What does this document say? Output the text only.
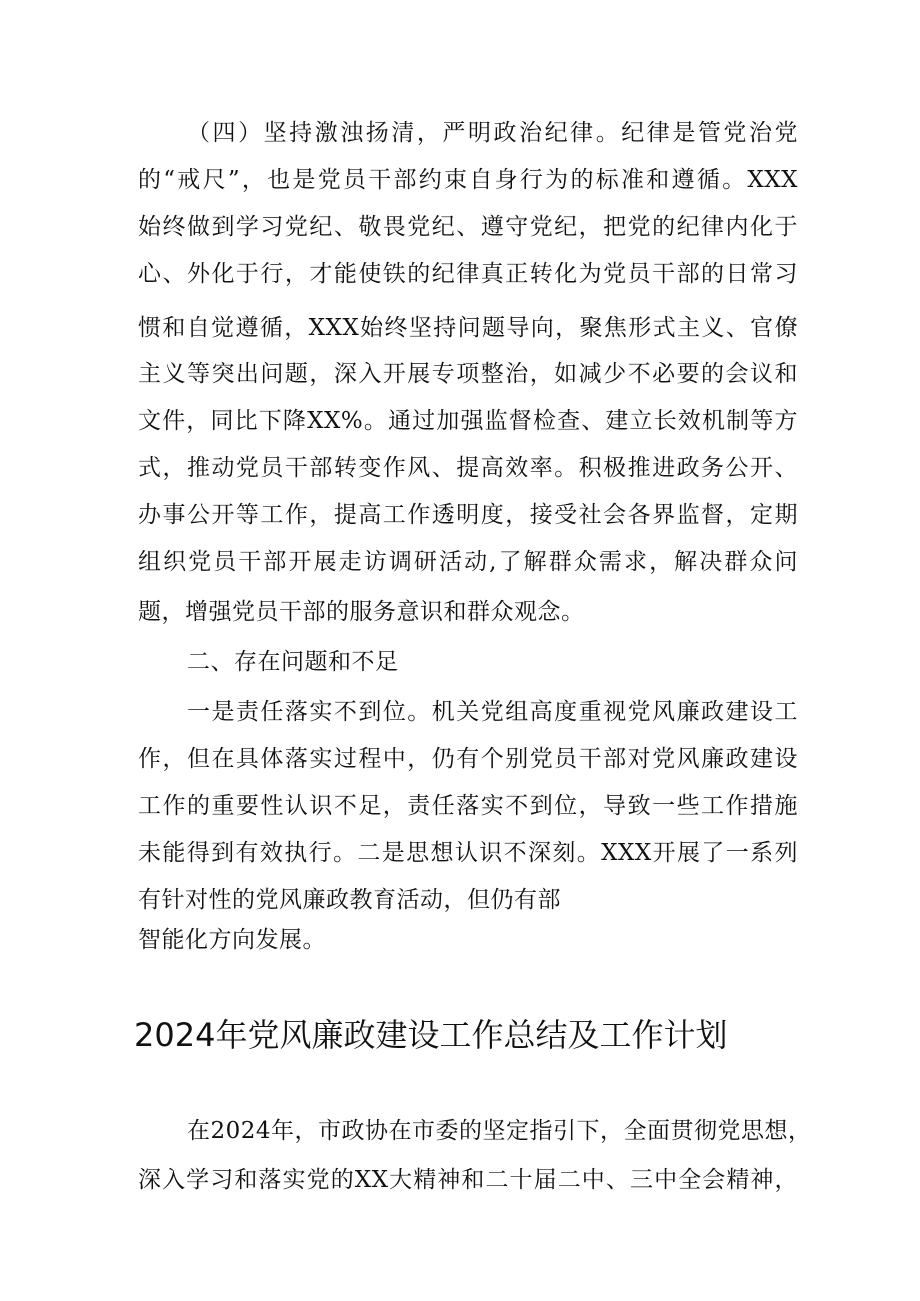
（四）坚持激浊扬清，严明政治纪律。纪律是管党治党
的“戒尺”，也是党员干部约束自身行为的标准和遵循。XXX
始终做到学习党纪、敬畏党纪、遵守党纪，把党的纪律内化于
心、外化于行，才能使铁的纪律真正转化为党员干部的日常习
惯和自觉遵循，XXX始终坚持问题导向，聚焦形式主义、官僚
主义等突出问题，深入开展专项整治，如减少不必要的会议和
文件，同比下降XX%。通过加强监督检查、建立长效机制等方
式，推动党员干部转变作风、提高效率。积极推进政务公开、
办事公开等工作，提高工作透明度，接受社会各界监督，定期
组织党员干部开展走访调研活动,了解群众需求，解决群众问
题，增强党员干部的服务意识和群众观念。
二、存在问题和不足
一是责任落实不到位。机关党组高度重视党风廉政建设工
作，但在具体落实过程中，仍有个别党员干部对党风廉政建设
工作的重要性认识不足，责任落实不到位，导致一些工作措施
未能得到有效执行。二是思想认识不深刻。XXX开展了一系列
有针对性的党风廉政教育活动，但仍有部
智能化方向发展。
2024年党风廉政建设工作总结及工作计划
在2024年，市政协在市委的坚定指引下，全面贯彻党思想，
深入学习和落实党的XX大精神和二十届二中、三中全会精神，
